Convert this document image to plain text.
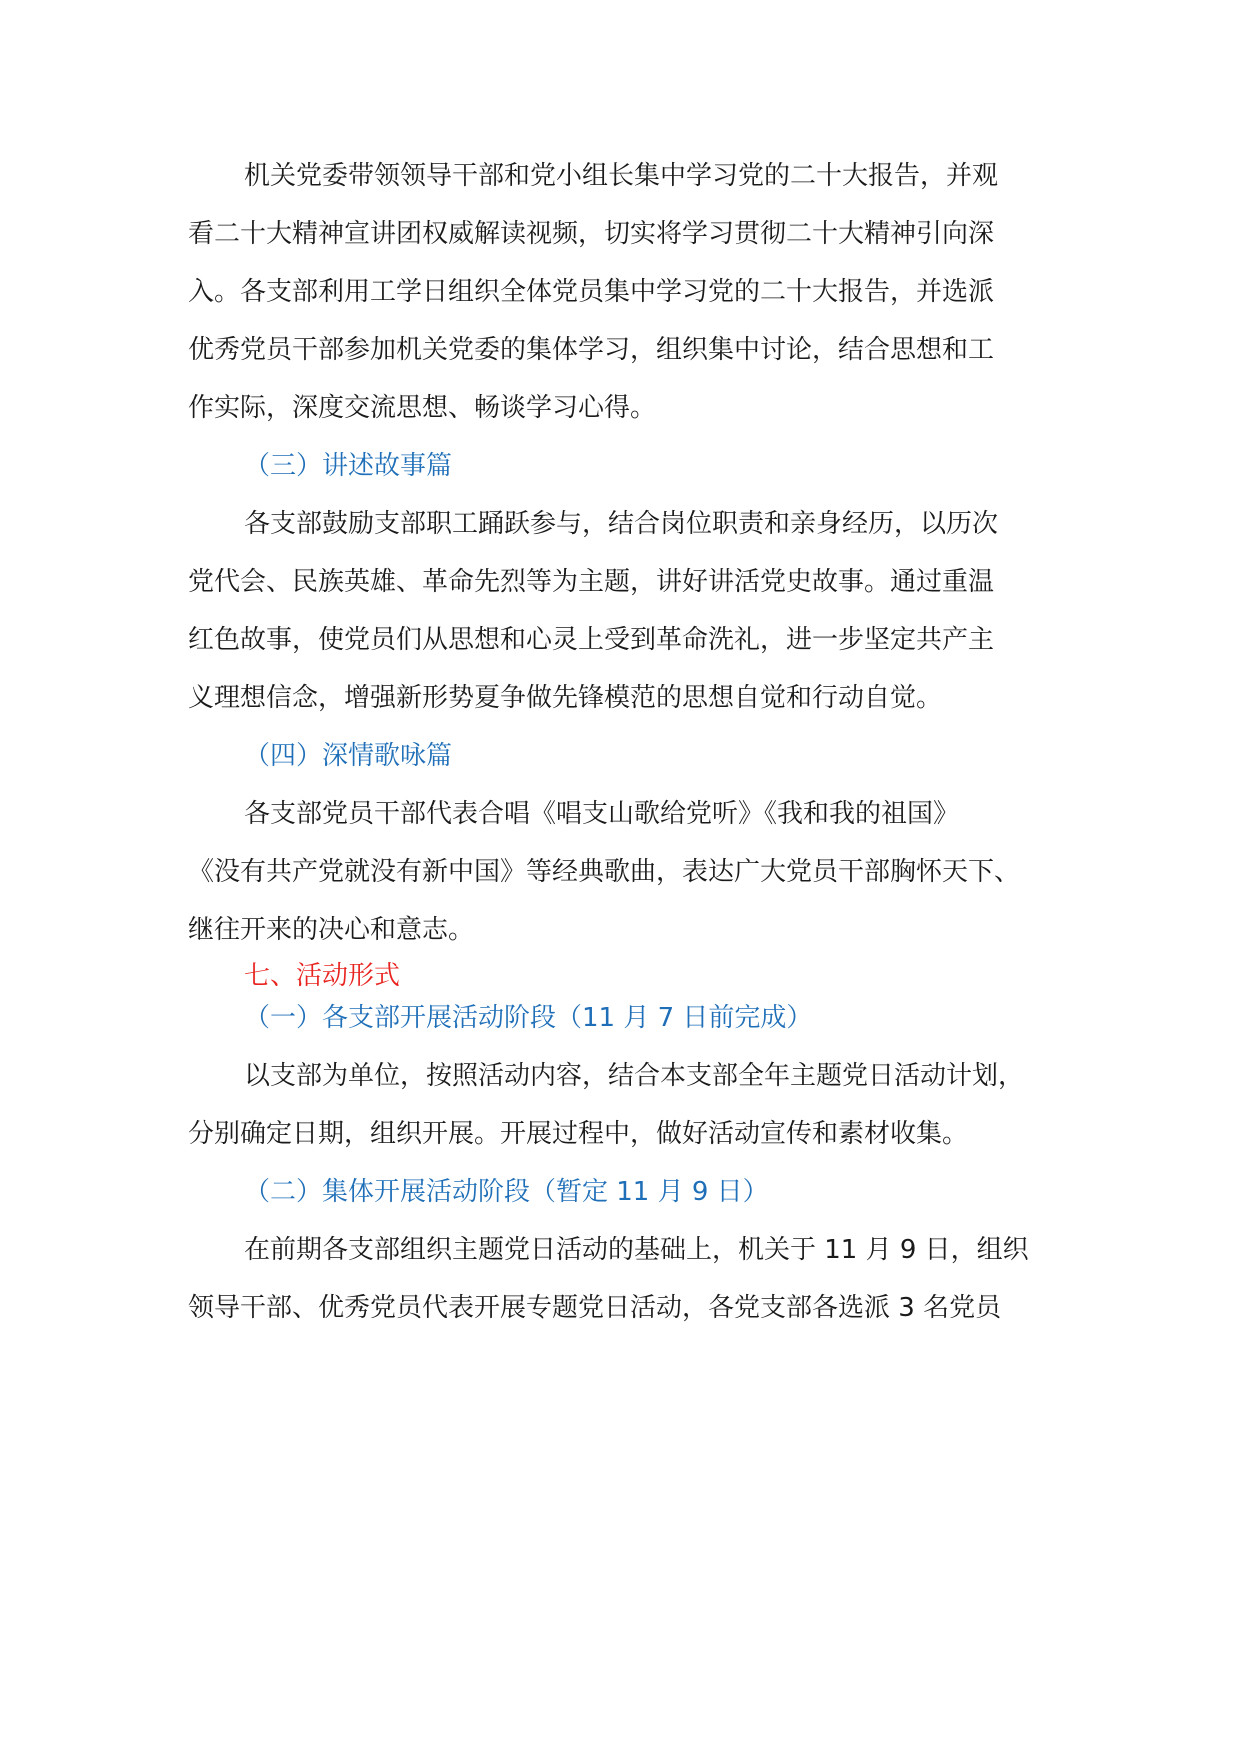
机关党委带领领导干部和党小组长集中学习党的二十大报告，并观
看二十大精神宣讲团权威解读视频，切实将学习贯彻二十大精神引向深
入。各支部利用工学日组织全体党员集中学习党的二十大报告，并选派
优秀党员干部参加机关党委的集体学习，组织集中讨论，结合思想和工
作实际，深度交流思想、畅谈学习心得。
（三）讲述故事篇
各支部鼓励支部职工踊跃参与，结合岗位职责和亲身经历，以历次
党代会、民族英雄、革命先烈等为主题，讲好讲活党史故事。通过重温
红色故事，使党员们从思想和心灵上受到革命洗礼，进一步坚定共产主
义理想信念，增强新形势夏争做先锋模范的思想自觉和行动自觉。
（四）深情歌咏篇
各支部党员干部代表合唱《唱支山歌给党听》《我和我的祖国》
《没有共产党就没有新中国》等经典歌曲，表达广大党员干部胸怀天下、
继往开来的决心和意志。
七、活动形式
（一）各支部开展活动阶段（11 月 7 日前完成）
以支部为单位，按照活动内容，结合本支部全年主题党日活动计划，
分别确定日期，组织开展。开展过程中，做好活动宣传和素材收集。
（二）集体开展活动阶段（暂定 11 月 9 日）
在前期各支部组织主题党日活动的基础上，机关于 11 月 9 日，组织
领导干部、优秀党员代表开展专题党日活动，各党支部各选派 3 名党员
